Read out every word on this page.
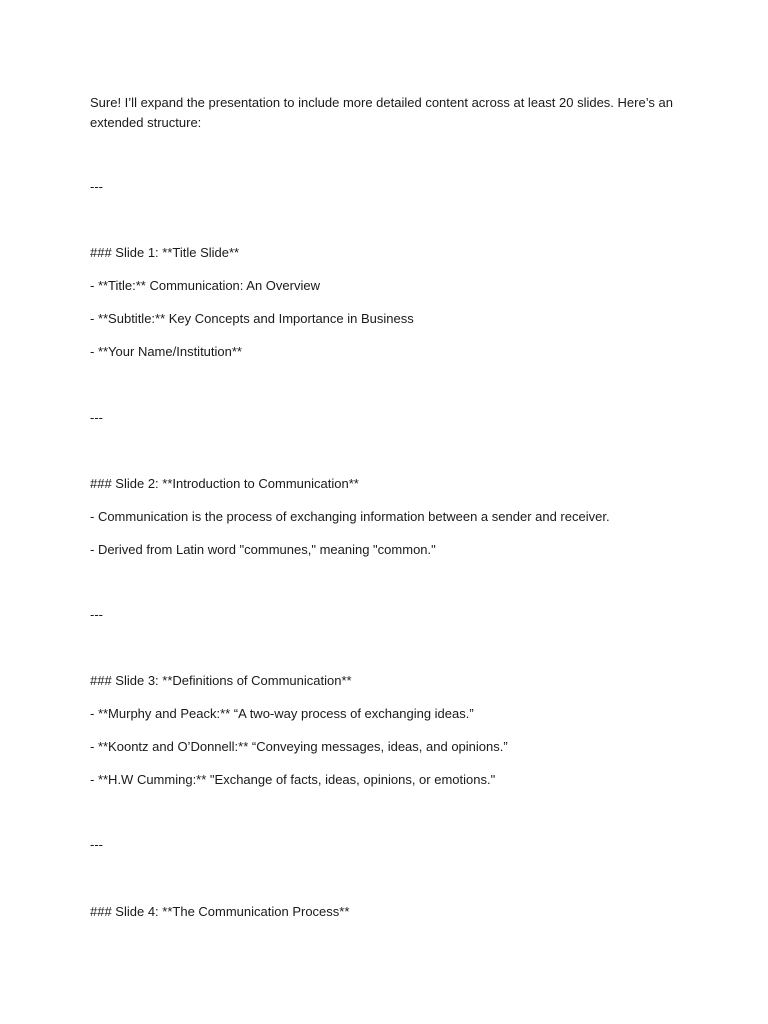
Sure! I’ll expand the presentation to include more detailed content across at least 20 slides. Here’s an
extended structure:
---
### Slide 1: **Title Slide**
- **Title:** Communication: An Overview
- **Subtitle:** Key Concepts and Importance in Business
- **Your Name/Institution**
---
### Slide 2: **Introduction to Communication**
- Communication is the process of exchanging information between a sender and receiver.
- Derived from Latin word "communes," meaning "common."
---
### Slide 3: **Definitions of Communication**
- **Murphy and Peack:** “A two-way process of exchanging ideas.”
- **Koontz and O’Donnell:** “Conveying messages, ideas, and opinions.”
- **H.W Cumming:** "Exchange of facts, ideas, opinions, or emotions."
---
### Slide 4: **The Communication Process**
